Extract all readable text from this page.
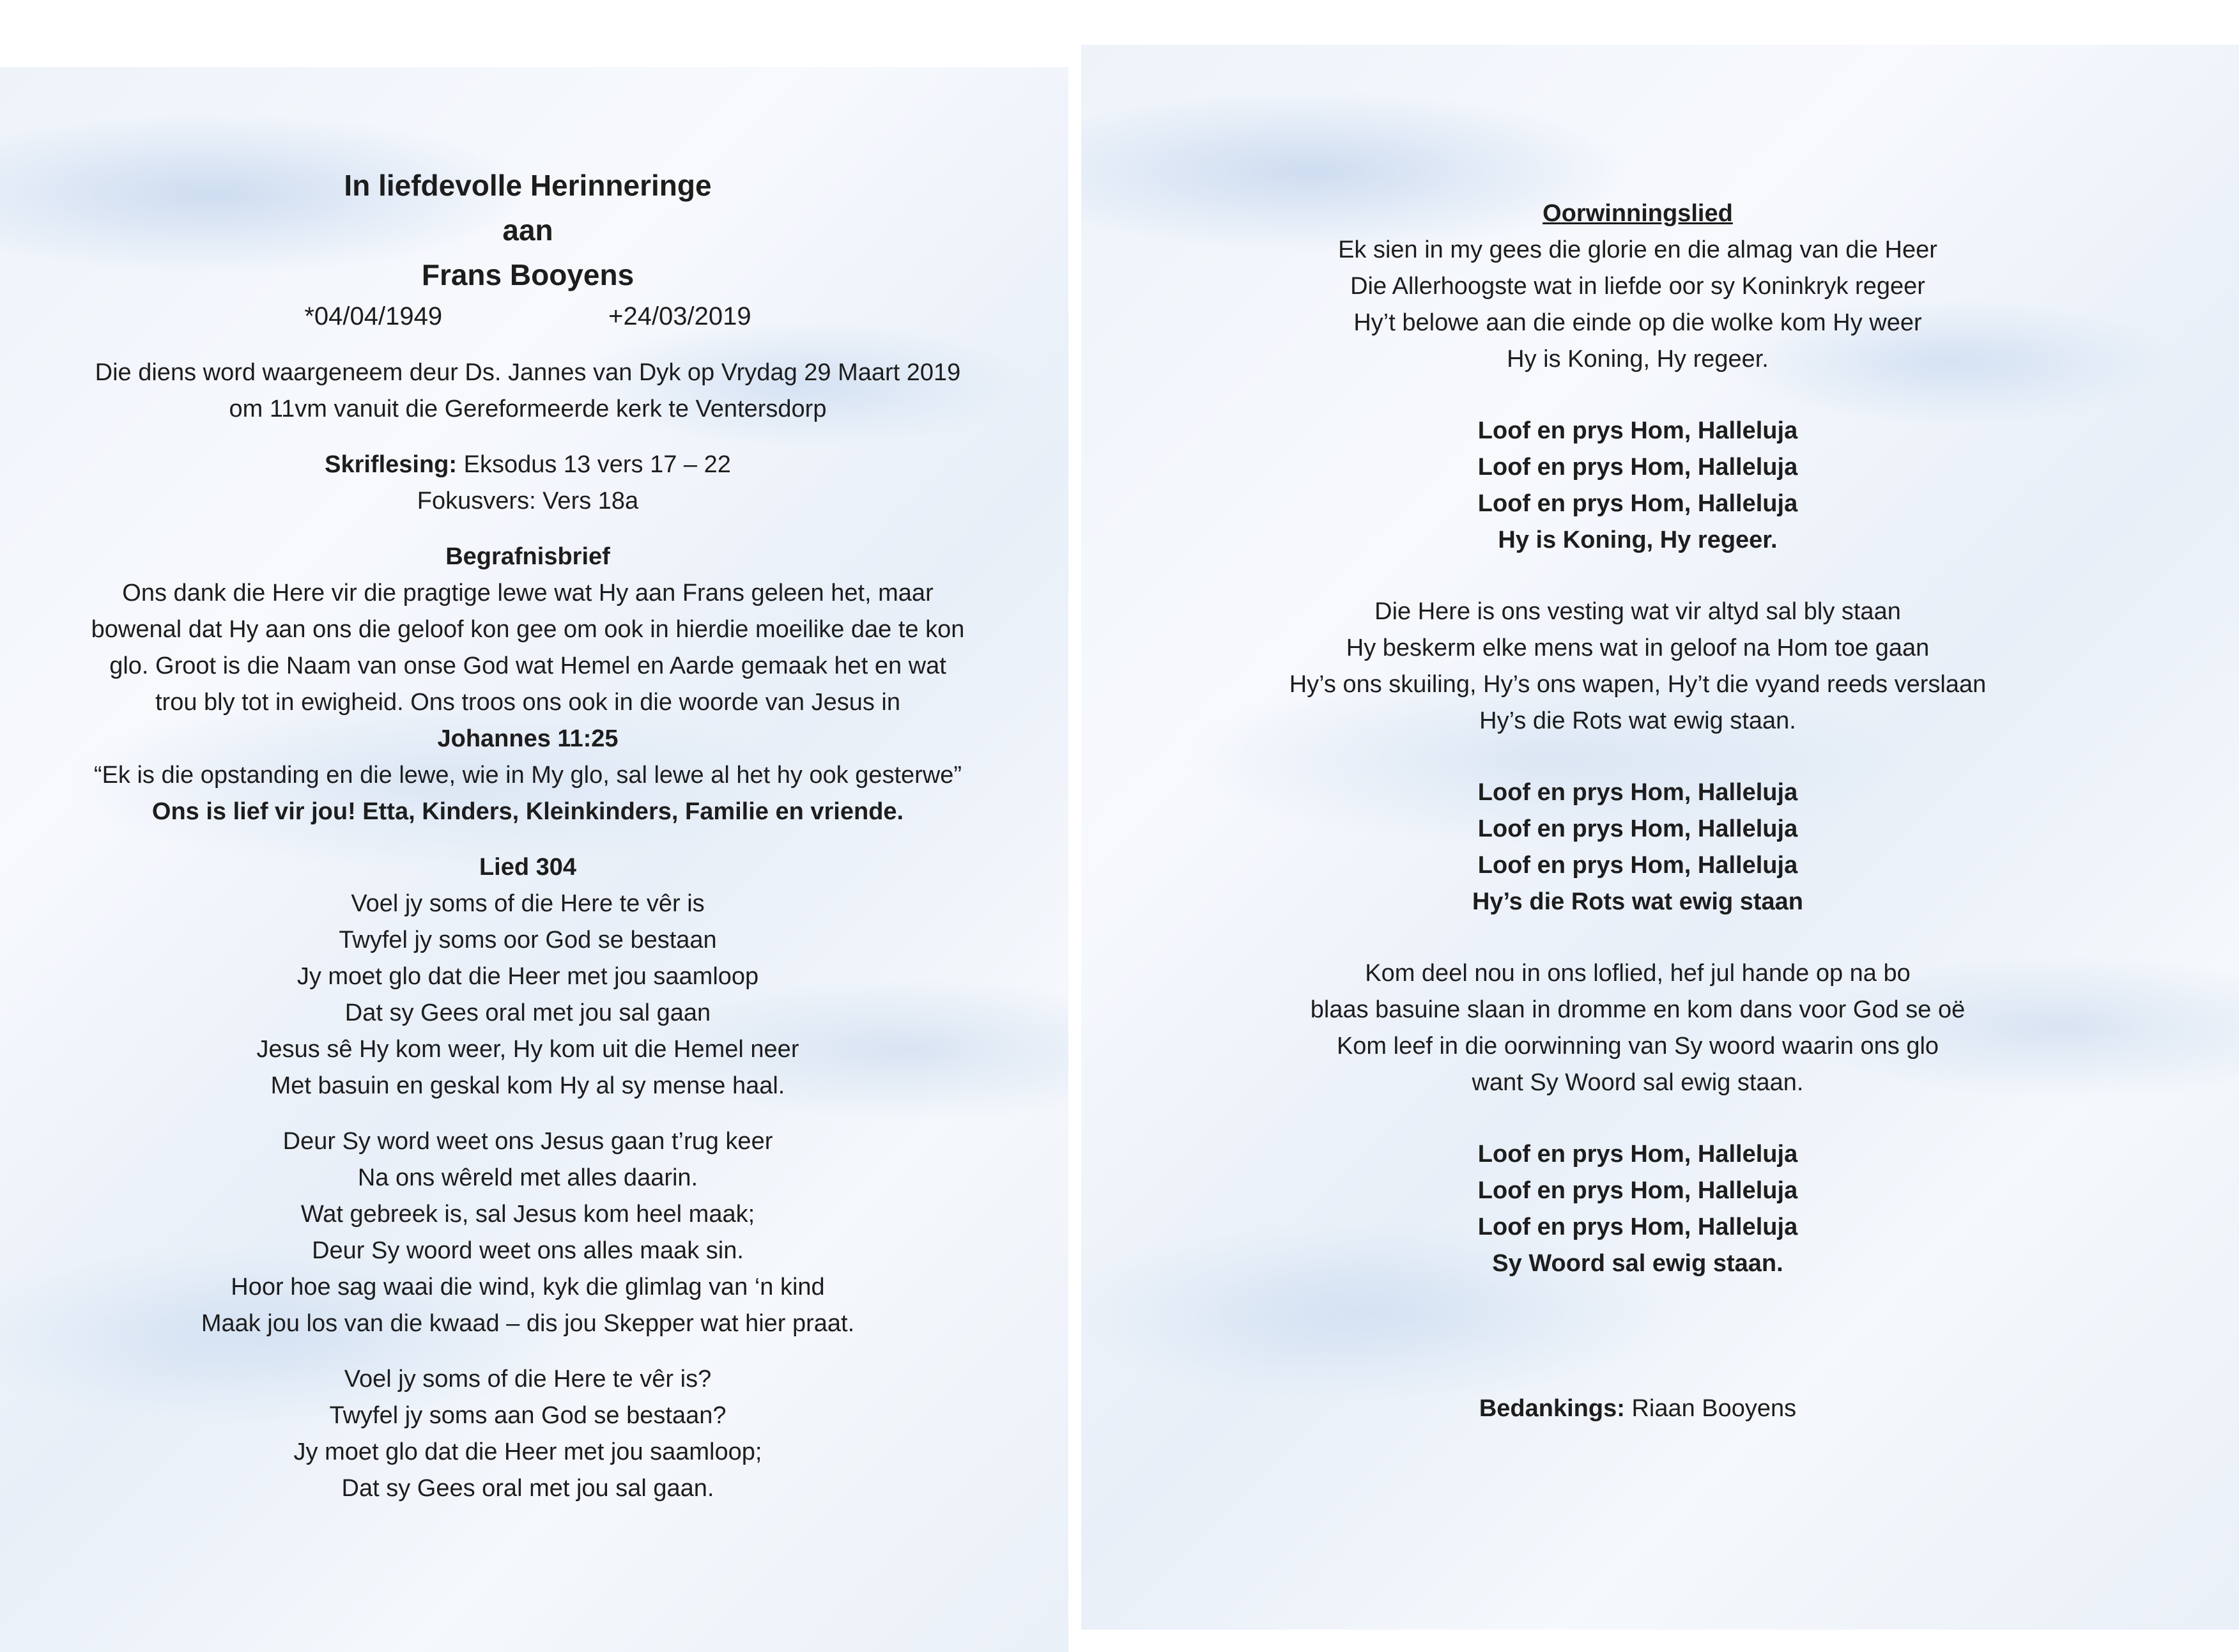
In liefdevolle Herinneringe
aan
Frans Booyens
*04/04/1949	+24/03/2019
Die diens word waargeneem deur Ds. Jannes van Dyk op Vrydag 29 Maart 2019
om 11vm vanuit die Gereformeerde kerk te Ventersdorp
Skriflesing: Eksodus 13 vers 17 – 22
Fokusvers: Vers 18a
Begrafnisbrief
Ons dank die Here vir die pragtige lewe wat Hy aan Frans geleen het, maar
bowenal dat Hy aan ons die geloof kon gee om ook in hierdie moeilike dae te kon
glo. Groot is die Naam van onse God wat Hemel en Aarde gemaak het en wat
trou bly tot in ewigheid. Ons troos ons ook in die woorde van Jesus in
Johannes 11:25
“Ek is die opstanding en die lewe, wie in My glo, sal lewe al het hy ook gesterwe”
Ons is lief vir jou! Etta, Kinders, Kleinkinders, Familie en vriende.
Lied 304
Voel jy soms of die Here te vêr is
Twyfel jy soms oor God se bestaan
Jy moet glo dat die Heer met jou saamloop
Dat sy Gees oral met jou sal gaan
Jesus sê Hy kom weer, Hy kom uit die Hemel neer
Met basuin en geskal kom Hy al sy mense haal.
Deur Sy word weet ons Jesus gaan t’rug keer
Na ons wêreld met alles daarin.
Wat gebreek is, sal Jesus kom heel maak;
Deur Sy woord weet ons alles maak sin.
Hoor hoe sag waai die wind, kyk die glimlag van ‘n kind
Maak jou los van die kwaad – dis jou Skepper wat hier praat.
Voel jy soms of die Here te vêr is?
Twyfel jy soms aan God se bestaan?
Jy moet glo dat die Heer met jou saamloop;
Dat sy Gees oral met jou sal gaan.
Oorwinningslied
Ek sien in my gees die glorie en die almag van die Heer
Die Allerhoogste wat in liefde oor sy Koninkryk regeer
Hy’t belowe aan die einde op die wolke kom Hy weer
Hy is Koning, Hy regeer.
Loof en prys Hom, Halleluja
Loof en prys Hom, Halleluja
Loof en prys Hom, Halleluja
Hy is Koning, Hy regeer.
Die Here is ons vesting wat vir altyd sal bly staan
Hy beskerm elke mens wat in geloof na Hom toe gaan
Hy’s ons skuiling, Hy’s ons wapen, Hy’t die vyand reeds verslaan
Hy’s die Rots wat ewig staan.
Loof en prys Hom, Halleluja
Loof en prys Hom, Halleluja
Loof en prys Hom, Halleluja
Hy’s die Rots wat ewig staan
Kom deel nou in ons loflied, hef jul hande op na bo
blaas basuine slaan in dromme en kom dans voor God se oë
Kom leef in die oorwinning van Sy woord waarin ons glo
want Sy Woord sal ewig staan.
Loof en prys Hom, Halleluja
Loof en prys Hom, Halleluja
Loof en prys Hom, Halleluja
Sy Woord sal ewig staan.
Bedankings: Riaan Booyens
